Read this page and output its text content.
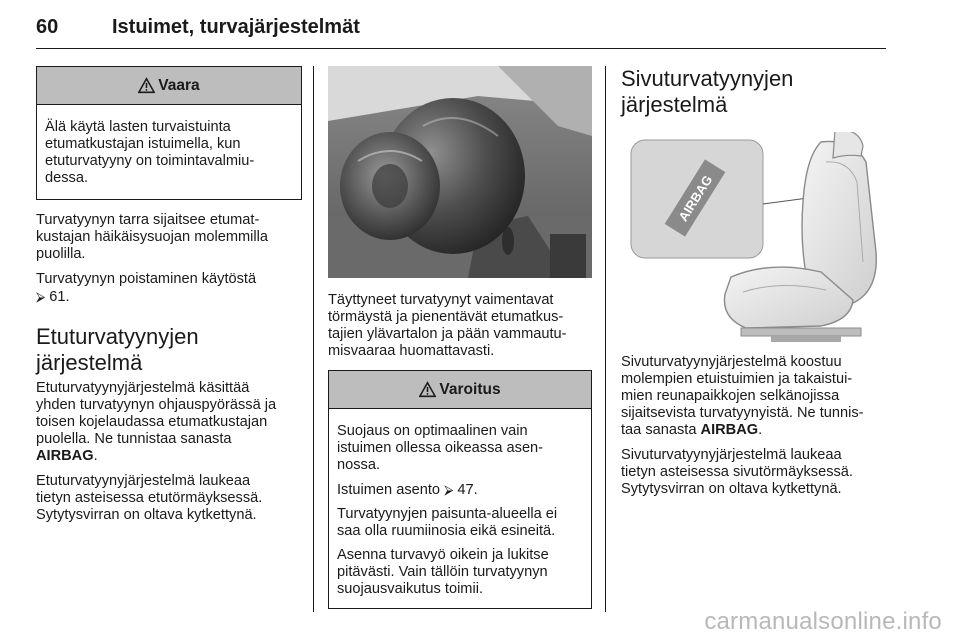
60	Istuimet, turvajärjestelmät
Vaara

Älä käytä lasten turvaistuinta
etumatkustajan istuimella, kun
etuturvatyyny on toimintavalmiu-
dessa.

Turvatyynyn tarra sijaitsee etumat-
kustajan häikäisysuojan molemmilla
puolilla.

Turvatyynyn poistaminen käytöstä
⮚ 61.

Etuturvatyynyjen
järjestelmä

Etuturvatyynyjärjestelmä käsittää
yhden turvatyynyn ohjauspyörässä ja
toisen kojelaudassa etumatkustajan
puolella. Ne tunnistaa sanasta
AIRBAG.

Etuturvatyynyjärjestelmä laukeaa
tietyn asteisessa etutörmäyksessä.
Sytytysvirran on oltava kytkettynä.

Täyttyneet turvatyynyt vaimentavat
törmäystä ja pienentävät etumatkus-
tajien ylävartalon ja pään vammautu-
misvaaraa huomattavasti.

Varoitus

Suojaus on optimaalinen vain
istuimen ollessa oikeassa asen-
nossa.

Istuimen asento ⮚ 47.

Turvatyynyjen paisunta-alueella ei
saa olla ruumiinosia eikä esineitä.

Asenna turvavyö oikein ja lukitse
pitävästi. Vain tällöin turvatyynyn
suojausvaikutus toimii.

Sivuturvatyynyjen
järjestelmä
AIRBAG

Sivuturvatyynyjärjestelmä koostuu
molempien etuistuimien ja takaistui-
mien reunapaikkojen selkänojissa
sijaitsevista turvatyynyistä. Ne tunnis-
taa sanasta AIRBAG.

Sivuturvatyynyjärjestelmä laukeaa
tietyn asteisessa sivutörmäyksessä.
Sytytysvirran on oltava kytkettynä.

carmanualsonline.info
